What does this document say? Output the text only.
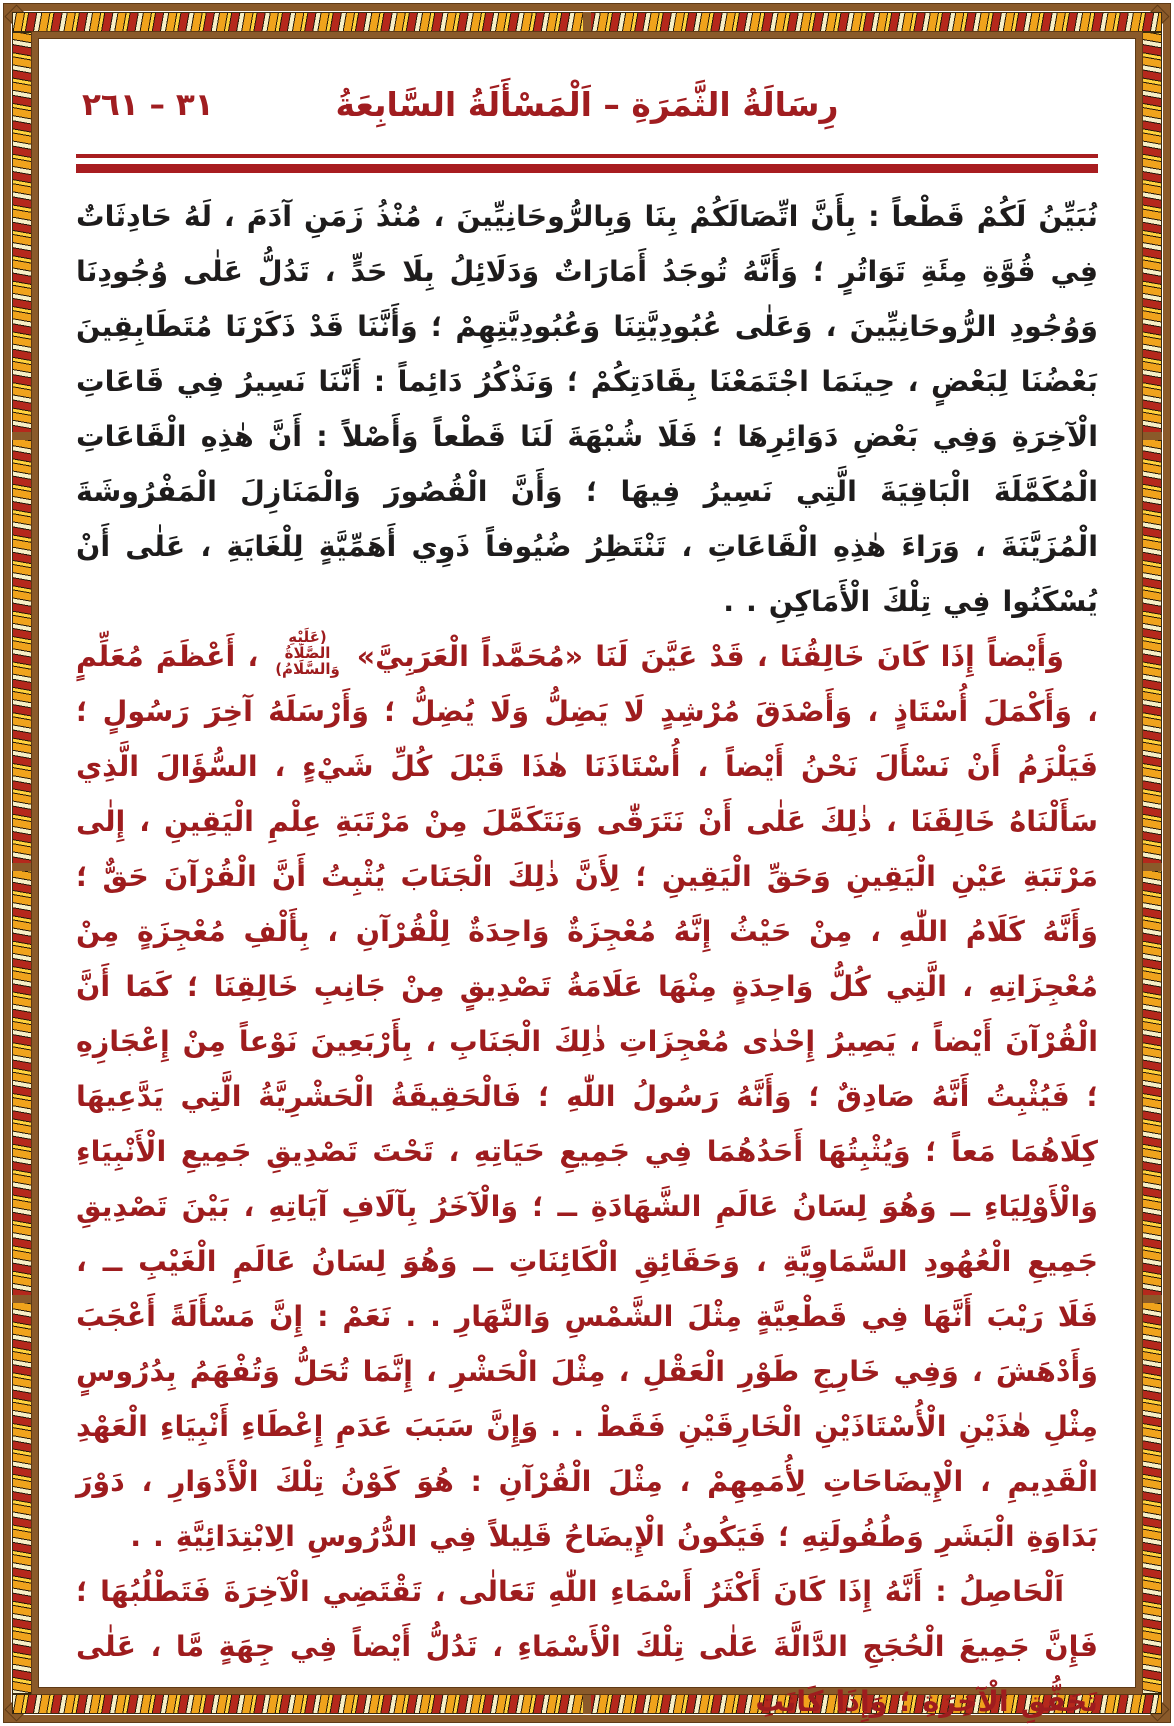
٣١ – ٢٦١	رِسَالَةُ الثَّمَرَةِ – اَلْمَسْأَلَةُ السَّابِعَةُ

نُبَيِّنُ لَكُمْ قَطْعاً : بِأَنَّ اتِّصَالَكُمْ بِنَا وَبِالرُّوحَانِيِّينَ ، مُنْذُ زَمَنِ آدَمَ ، لَهُ حَادِثَاتٌ فِي قُوَّةِ مِئَةِ تَوَاتُرٍ ؛ وَأَنَّهُ تُوجَدُ أَمَارَاتٌ وَدَلَائِلُ بِلَا حَدٍّ ، تَدُلُّ عَلٰى وُجُودِنَا وَوُجُودِ الرُّوحَانِيِّينَ ، وَعَلٰى عُبُودِيَّتِنَا وَعُبُودِيَّتِهِمْ ؛ وَأَنَّنَا قَدْ ذَكَرْنَا مُتَطَابِقِينَ بَعْضُنَا لِبَعْضٍ ، حِينَمَا اجْتَمَعْنَا بِقَادَتِكُمْ ؛ وَنَذْكُرُ دَائِماً : أَنَّنَا نَسِيرُ فِي قَاعَاتِ الْآخِرَةِ وَفِي بَعْضِ دَوَائِرِهَا ؛ فَلَا شُبْهَةَ لَنَا قَطْعاً وَأَصْلاً : أَنَّ هٰذِهِ الْقَاعَاتِ الْمُكَمَّلَةَ الْبَاقِيَةَ الَّتِي نَسِيرُ فِيهَا ؛ وَأَنَّ الْقُصُورَ وَالْمَنَازِلَ الْمَفْرُوشَةَ الْمُزَيَّنَةَ ، وَرَاءَ هٰذِهِ الْقَاعَاتِ ، تَنْتَظِرُ ضُيُوفاً ذَوِي أَهَمِّيَّةٍ لِلْغَايَةِ ، عَلٰى أَنْ يُسْكَنُوا فِي تِلْكَ الْأَمَاكِنِ . .

وَأَيْضاً إِذَا كَانَ خَالِقُنَا ، قَدْ عَيَّنَ لَنَا «مُحَمَّداً الْعَرَبِيَّ» (عَلَيْهِ الصَّلَاةُ وَالسَّلَامُ) ، أَعْظَمَ مُعَلِّمٍ ، وَأَكْمَلَ أُسْتَاذٍ ، وَأَصْدَقَ مُرْشِدٍ لَا يَضِلُّ وَلَا يُضِلُّ ؛ وَأَرْسَلَهُ آخِرَ رَسُولٍ ؛ فَيَلْزَمُ أَنْ نَسْأَلَ نَحْنُ أَيْضاً ، أُسْتَاذَنَا هٰذَا قَبْلَ كُلِّ شَيْءٍ ، السُّؤَالَ الَّذِي سَأَلْنَاهُ خَالِقَنَا ، ذٰلِكَ عَلٰى أَنْ نَتَرَقّٰى وَنَتَكَمَّلَ مِنْ مَرْتَبَةِ عِلْمِ الْيَقِينِ ، إِلٰى مَرْتَبَةِ عَيْنِ الْيَقِينِ وَحَقِّ الْيَقِينِ ؛ لِأَنَّ ذٰلِكَ الْجَنَابَ يُثْبِتُ أَنَّ الْقُرْآنَ حَقٌّ ؛ وَأَنَّهُ كَلَامُ اللّٰهِ ، مِنْ حَيْثُ إِنَّهُ مُعْجِزَةٌ وَاحِدَةٌ لِلْقُرْآنِ ، بِأَلْفِ مُعْجِزَةٍ مِنْ مُعْجِزَاتِهِ ، الَّتِي كُلُّ وَاحِدَةٍ مِنْهَا عَلَامَةُ تَصْدِيقٍ مِنْ جَانِبِ خَالِقِنَا ؛ كَمَا أَنَّ الْقُرْآنَ أَيْضاً ، يَصِيرُ إِحْدٰى مُعْجِزَاتِ ذٰلِكَ الْجَنَابِ ، بِأَرْبَعِينَ نَوْعاً مِنْ إِعْجَازِهِ ؛ فَيُثْبِتُ أَنَّهُ صَادِقٌ ؛ وَأَنَّهُ رَسُولُ اللّٰهِ ؛ فَالْحَقِيقَةُ الْحَشْرِيَّةُ الَّتِي يَدَّعِيهَا كِلَاهُمَا مَعاً ؛ وَيُثْبِتُهَا أَحَدُهُمَا فِي جَمِيعِ حَيَاتِهِ ، تَحْتَ تَصْدِيقِ جَمِيعِ الْأَنْبِيَاءِ وَالْأَوْلِيَاءِ ــ وَهُوَ لِسَانُ عَالَمِ الشَّهَادَةِ ــ ؛ وَالْآخَرُ بِآلَافِ آيَاتِهِ ، بَيْنَ تَصْدِيقِ جَمِيعِ الْعُهُودِ السَّمَاوِيَّةِ ، وَحَقَائِقِ الْكَائِنَاتِ ــ وَهُوَ لِسَانُ عَالَمِ الْغَيْبِ ــ ، فَلَا رَيْبَ أَنَّهَا فِي قَطْعِيَّةٍ مِثْلَ الشَّمْسِ وَالنَّهَارِ . . نَعَمْ : إِنَّ مَسْأَلَةً أَعْجَبَ وَأَدْهَشَ ، وَفِي خَارِجِ طَوْرِ الْعَقْلِ ، مِثْلَ الْحَشْرِ ، إِنَّمَا تُحَلُّ وَتُفْهَمُ بِدُرُوسٍ مِثْلِ هٰذَيْنِ الْأُسْتَاذَيْنِ الْخَارِقَيْنِ فَقَطْ . . وَإِنَّ سَبَبَ عَدَمِ إِعْطَاءِ أَنْبِيَاءِ الْعَهْدِ الْقَدِيمِ ، الْإِيضَاحَاتِ لِأُمَمِهِمْ ، مِثْلَ الْقُرْآنِ : هُوَ كَوْنُ تِلْكَ الْأَدْوَارِ ، دَوْرَ بَدَاوَةِ الْبَشَرِ وَطُفُولَتِهِ ؛ فَيَكُونُ الْإِيضَاحُ قَلِيلاً فِي الدُّرُوسِ الِابْتِدَائِيَّةِ . .

اَلْحَاصِلُ : أَنَّهُ إِذَا كَانَ أَكْثَرُ أَسْمَاءِ اللّٰهِ تَعَالٰى ، تَقْتَضِي الْآخِرَةَ فَتَطْلُبُهَا ؛ فَإِنَّ جَمِيعَ الْحُجَجِ الدَّالَّةَ عَلٰى تِلْكَ الْأَسْمَاءِ ، تَدُلُّ أَيْضاً فِي جِهَةٍ مَّا ، عَلٰى تَحَقُّقِ الْآخِرَةِ ؛ وَإِذَا كَانَتِ
